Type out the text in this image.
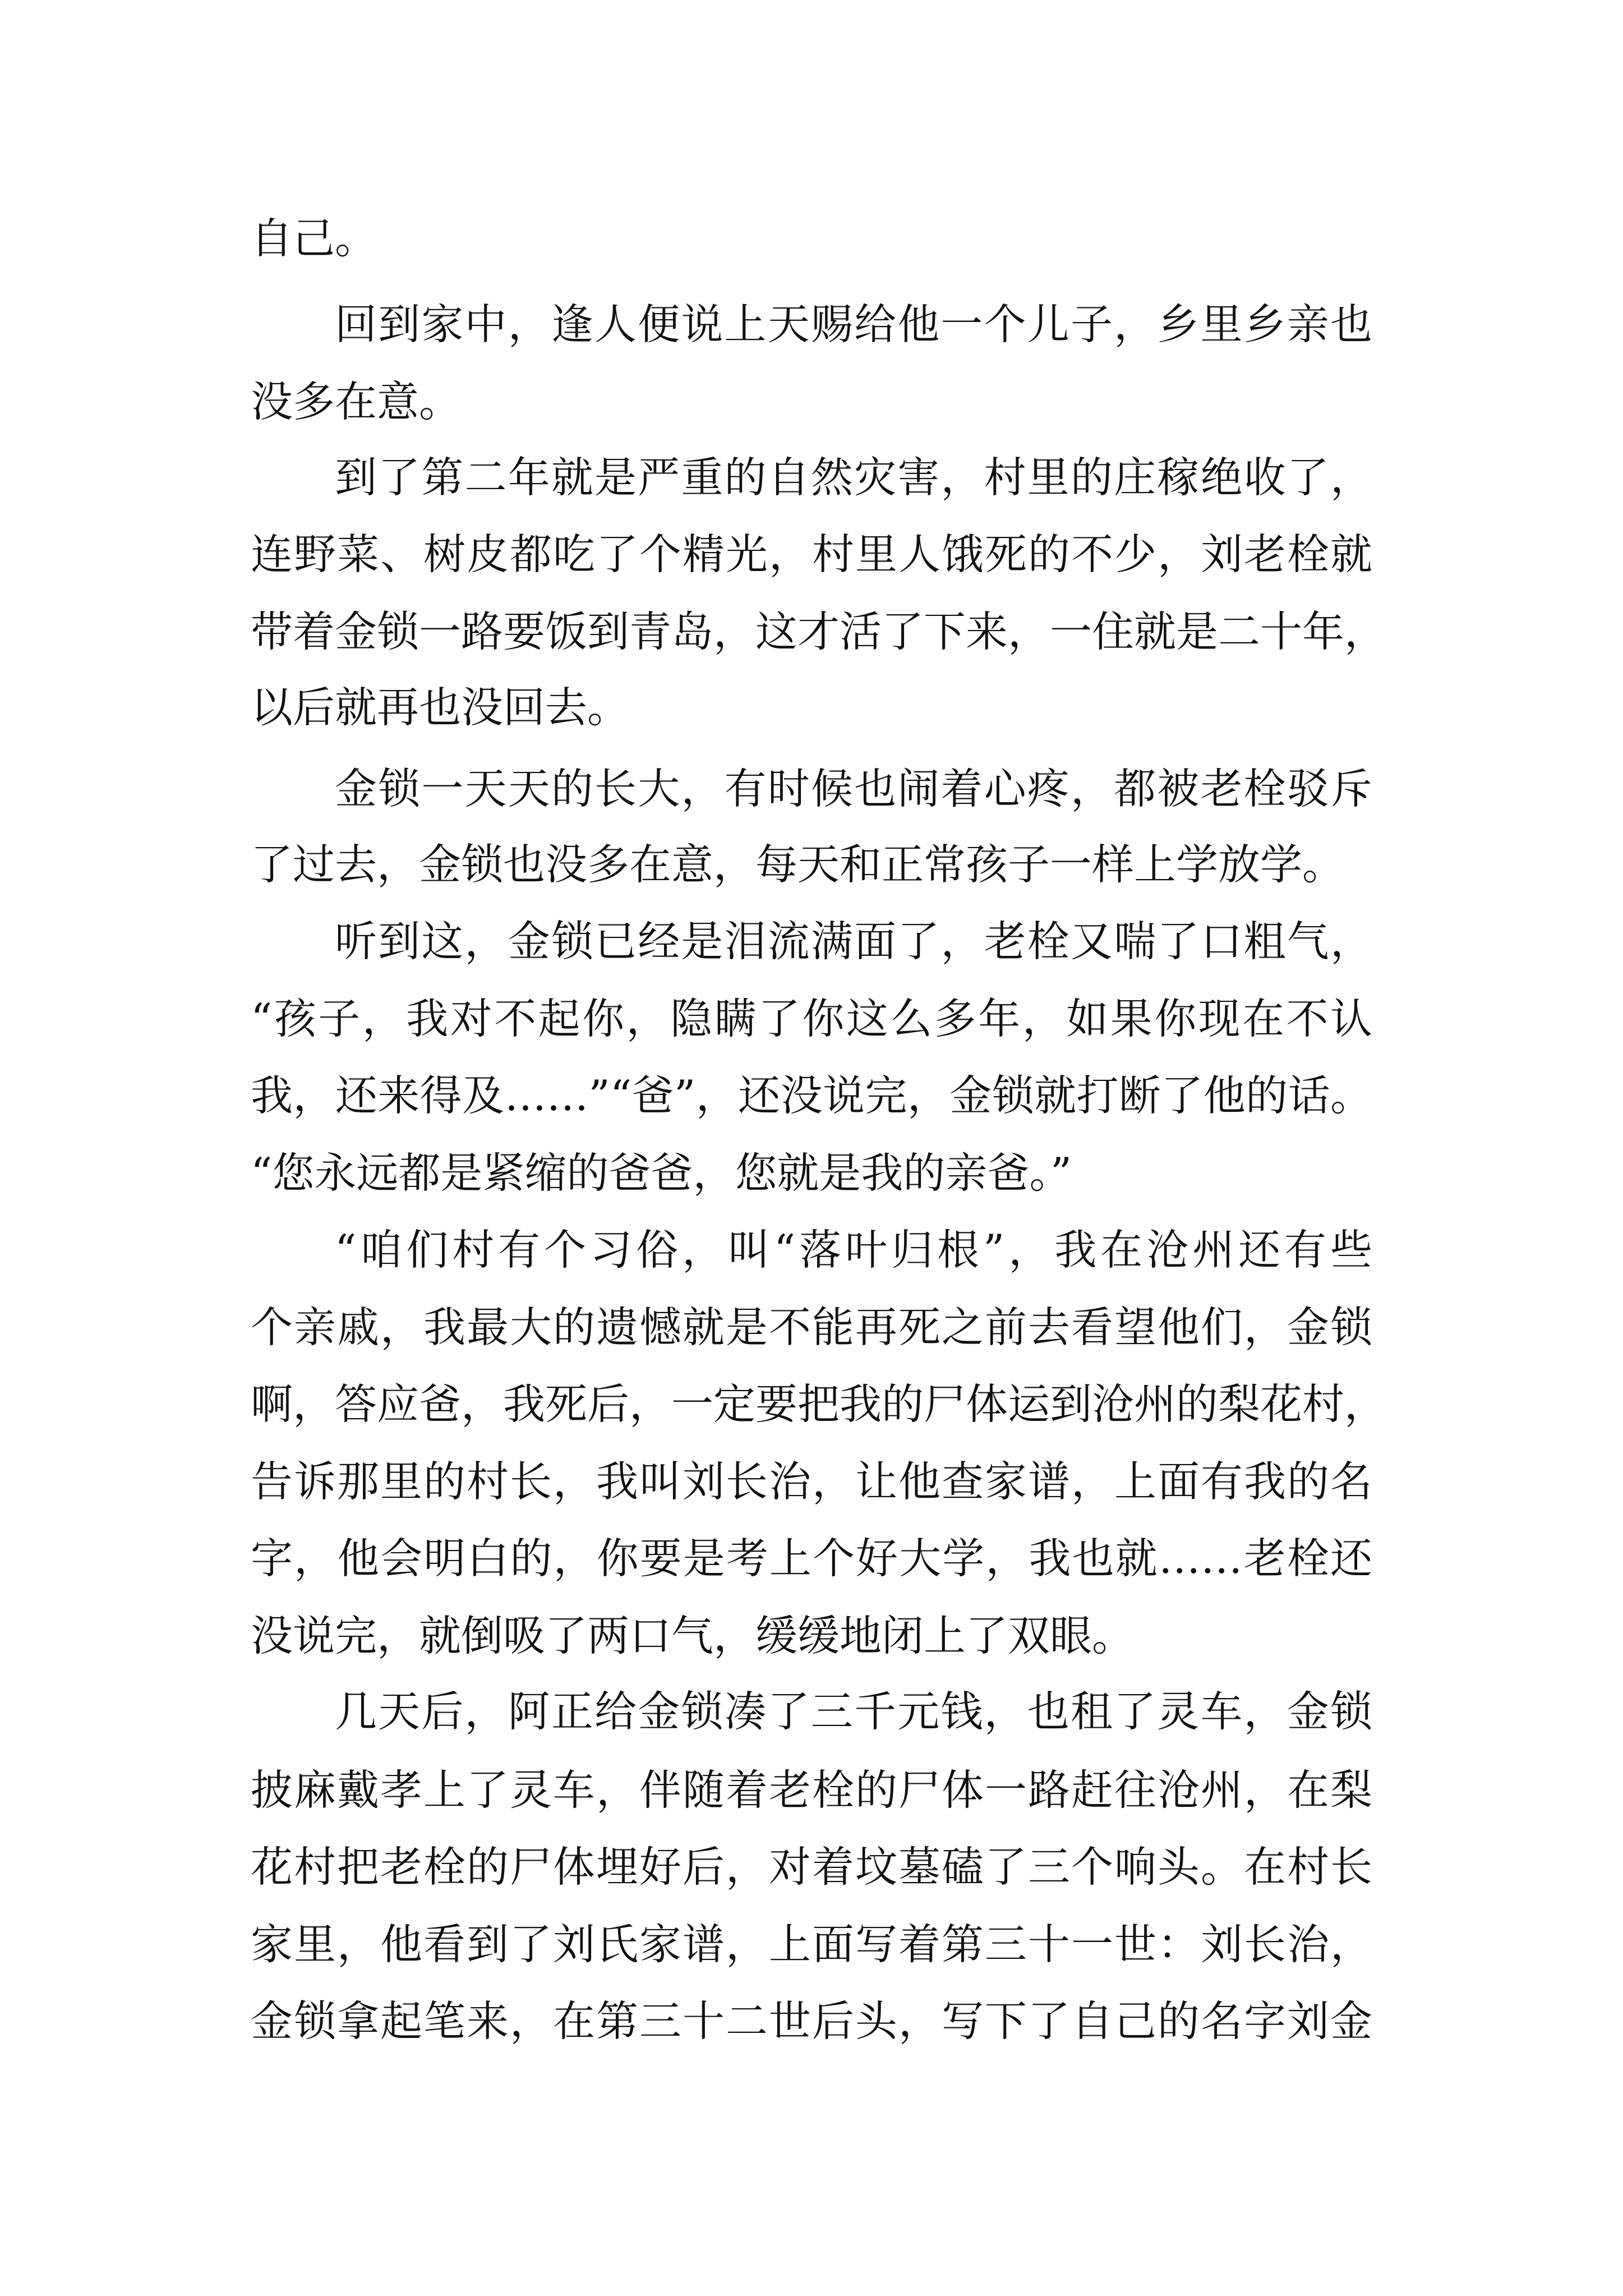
自己。
回到家中，逢人便说上天赐给他一个儿子，乡里乡亲也
没多在意。
到了第二年就是严重的自然灾害，村里的庄稼绝收了，
连野菜、树皮都吃了个精光，村里人饿死的不少，刘老栓就
带着金锁一路要饭到青岛，这才活了下来，一住就是二十年，
以后就再也没回去。
金锁一天天的长大，有时候也闹着心疼，都被老栓驳斥
了过去，金锁也没多在意，每天和正常孩子一样上学放学。
听到这，金锁已经是泪流满面了，老栓又喘了口粗气，
“孩子，我对不起你，隐瞒了你这么多年，如果你现在不认
我，还来得及……”“爸”，还没说完，金锁就打断了他的话。
“您永远都是紧缩的爸爸，您就是我的亲爸。”
“咱们村有个习俗，叫“落叶归根”，我在沧州还有些
个亲戚，我最大的遗憾就是不能再死之前去看望他们，金锁
啊，答应爸，我死后，一定要把我的尸体运到沧州的梨花村，
告诉那里的村长，我叫刘长治，让他查家谱，上面有我的名
字，他会明白的，你要是考上个好大学，我也就……老栓还
没说完，就倒吸了两口气，缓缓地闭上了双眼。
几天后，阿正给金锁凑了三千元钱，也租了灵车，金锁
披麻戴孝上了灵车，伴随着老栓的尸体一路赶往沧州，在梨
花村把老栓的尸体埋好后，对着坟墓磕了三个响头。在村长
家里，他看到了刘氏家谱，上面写着第三十一世：刘长治，
金锁拿起笔来，在第三十二世后头，写下了自己的名字刘金
